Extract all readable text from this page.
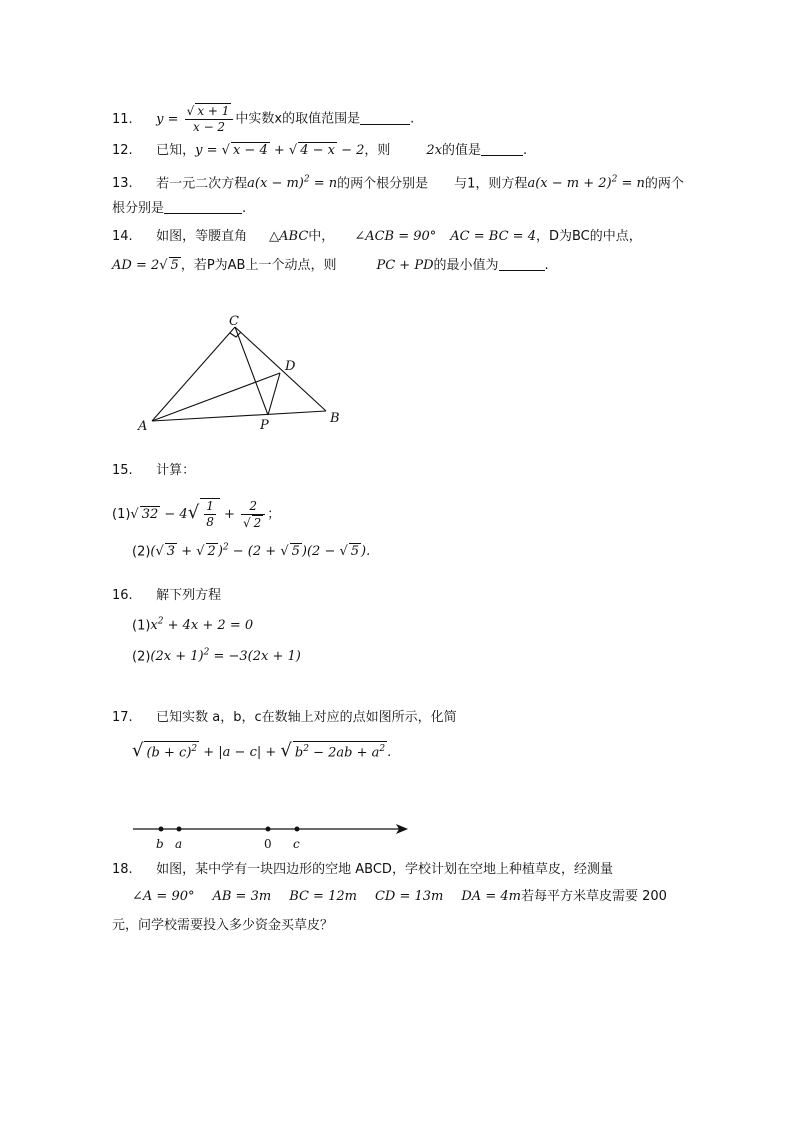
11. $y = \frac{√ x + 1}{x - 2}$ 中实数x的取值范围是	.
12. 已知，y = √ x − 4 + √ 4 − x − 2，则	2x的值是	.
13. 若一元二次方程$a(x - m)^2 = n$的两个根分别是 与1，则方程$a(x - m + 2)^2 = n$的两个
根分别是	.
14. 如图，等腰直角 △ABC中， ∠ACB = 90° AC = BC = 4，D为BC的中点，
AD = 2√ 5 ，若P为AB上一个动点，则	PC + PD的最小值为	.
C
D
A	P	B
15. 计算：
(1)√ $32 - 4√ \frac{1}{8} + \frac{2}{√ 2}$ ；
(2)(√ 3 + √ 2 )$^2$ − (2 + √ 5 )(2 − √ 5 ).
16. 解下列方程
$(1)x^2 + 4x + 2 = 0$
$(2)(2x + 1)^2 = -3(2x + 1)$
17. 已知实数 a，b，c在数轴上对应的点如图所示，化简
√ $(b + c)^2 + |a - c|$ + √ $b^2 - 2ab + a^2$ .
b a	0 c
18. 如图，某中学有一块四边形的空地 ABCD，学校计划在空地上种植草皮，经测量
∠A = 90° AB = 3m BC = 12m CD = 13m DA = 4m若每平方米草皮需要 200
元，问学校需要投入多少资金买草皮？
